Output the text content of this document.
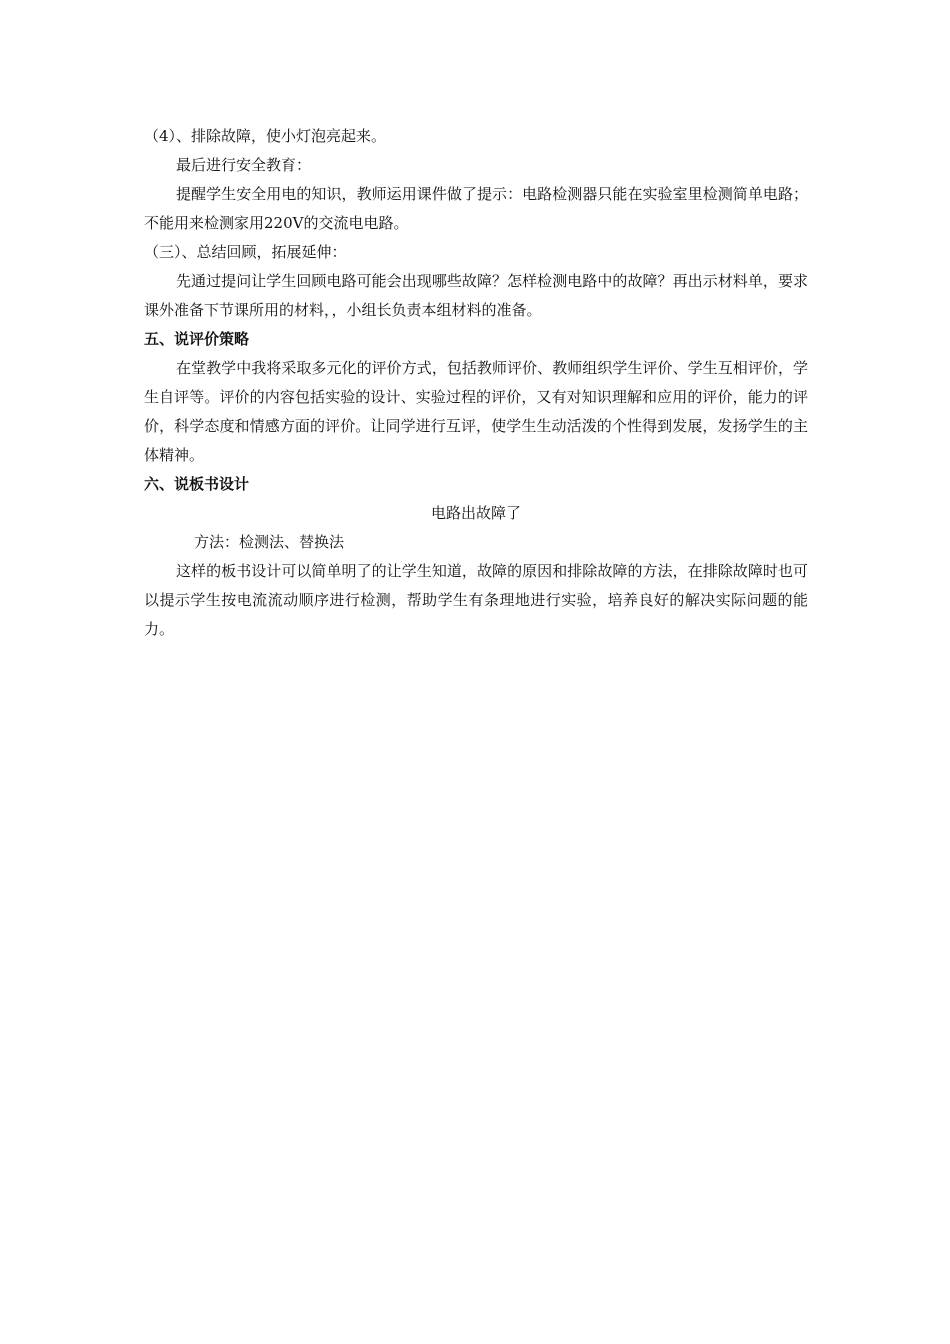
（4）、排除故障，使小灯泡亮起来。

最后进行安全教育：

提醒学生安全用电的知识，教师运用课件做了提示：电路检测器只能在实验室里检测简单电路；不能用来检测家用220V的交流电电路。

（三）、总结回顾，拓展延伸：

先通过提问让学生回顾电路可能会出现哪些故障？怎样检测电路中的故障？再出示材料单，要求课外准备下节课所用的材料，，小组长负责本组材料的准备。

五、说评价策略

在堂教学中我将采取多元化的评价方式，包括教师评价、教师组织学生评价、学生互相评价，学生自评等。评价的内容包括实验的设计、实验过程的评价，又有对知识理解和应用的评价，能力的评价，科学态度和情感方面的评价。让同学进行互评，使学生生动活泼的个性得到发展，发扬学生的主体精神。

六、说板书设计

电路出故障了

方法：检测法、替换法

这样的板书设计可以简单明了的让学生知道，故障的原因和排除故障的方法，在排除故障时也可以提示学生按电流流动顺序进行检测，帮助学生有条理地进行实验，培养良好的解决实际问题的能力。
